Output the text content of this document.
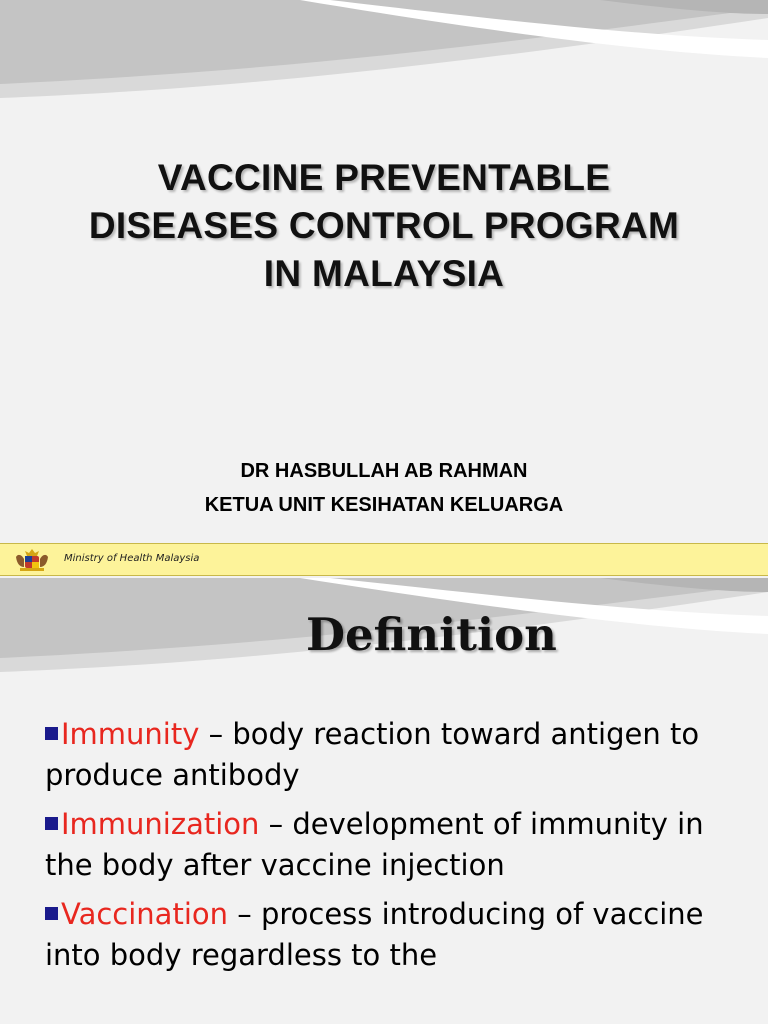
VACCINE PREVENTABLE
DISEASES CONTROL PROGRAM
IN MALAYSIA
DR HASBULLAH AB RAHMAN
KETUA UNIT KESIHATAN KELUARGA
Ministry of Health Malaysia
Definition
Immunity – body reaction toward antigen to produce antibody
Immunization – development of immunity in the body after vaccine injection
Vaccination – process introducing of vaccine into body regardless to the
